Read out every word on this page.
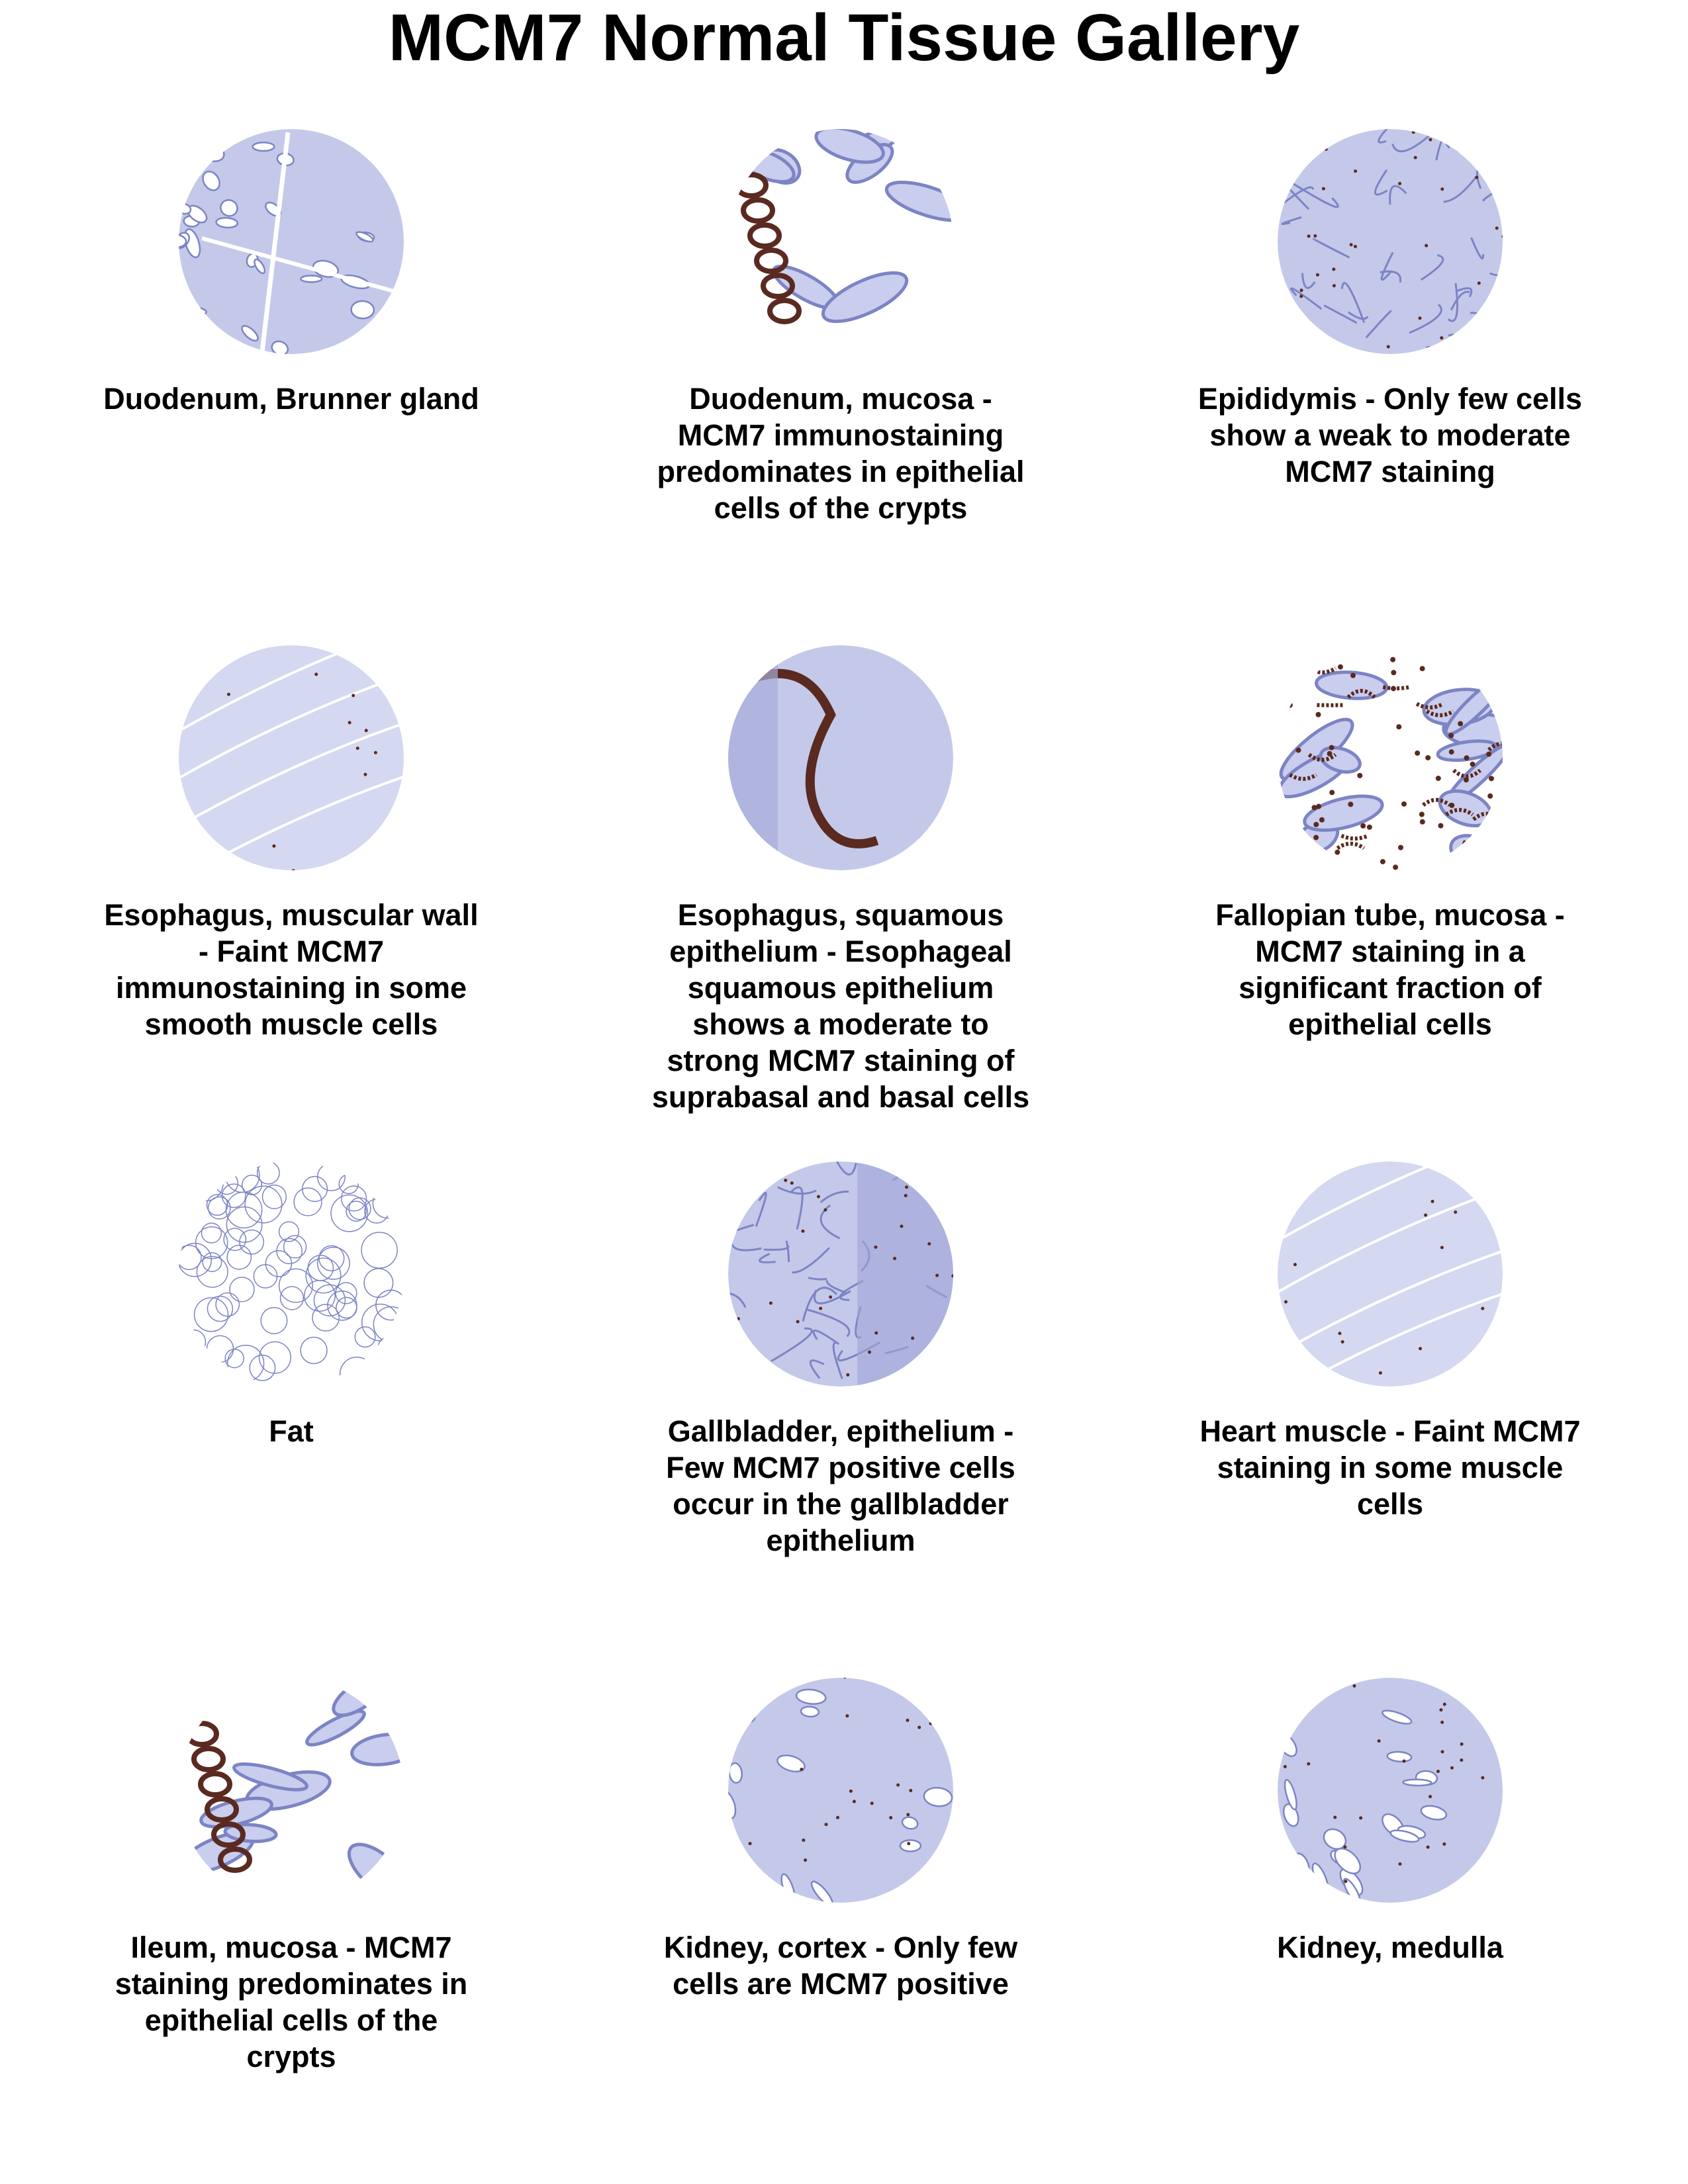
MCM7 Normal Tissue Gallery

Duodenum, Brunner gland	Duodenum, mucosa - MCM7 immunostaining predominates in epithelial cells of the crypts

Epididymis - Only few cells show a weak to moderate MCM7 staining

Esophagus, muscular wall - Faint MCM7 immunostaining in some smooth muscle cells

Esophagus, squamous epithelium - Esophageal squamous epithelium shows a moderate to strong MCM7 staining of suprabasal and basal cells

Fallopian tube, mucosa - MCM7 staining in a significant fraction of epithelial cells

Fat	Gallbladder, epithelium - Few MCM7 positive cells occur in the gallbladder epithelium

Heart muscle - Faint MCM7 staining in some muscle cells

Ileum, mucosa - MCM7 staining predominates in epithelial cells of the crypts

Kidney, cortex - Only few cells are MCM7 positive

Kidney, medulla
